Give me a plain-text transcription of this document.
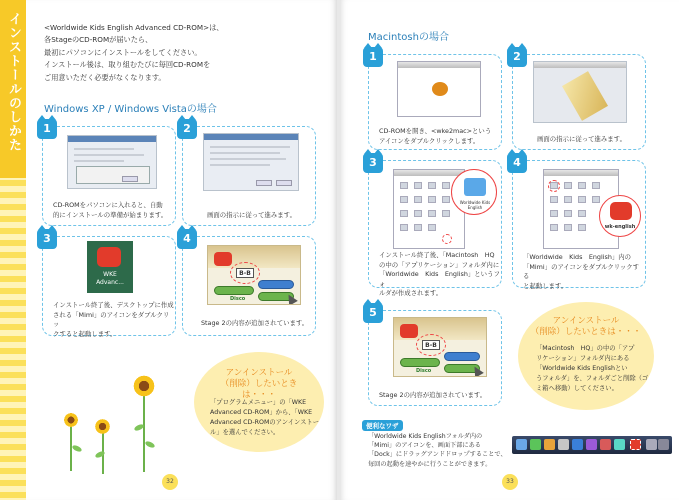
インストールのしかた	<Worldwide Kids English Advanced CD-ROM>は、
各StageのCD-ROMが届いたら、
最初にパソコンにインストールをしてください。
インストール後は、取り組むたびに毎回CD-ROMを
ご用意いただく必要がなくなります。
Windows XP / Windows Vistaの場合
1
CD-ROMをパソコンに入れると、自動
的にインストールの準備が始まります。
2
画面の指示に従って進みます。
3
WKE
Advanc...
インストール終了後、デスクトップに作成
される「Mimi」のアイコンをダブルクリッ
クすると起動します。
4
B-B
Disco
Stage 2の内容が追加されています。
アンインストール
（削除）したいときは・・・
「プログラムメニュー」の「WKE
Advanced CD-ROM」から、「WKE
Advanced CD-ROMのアンインストー
ル」を選んでください。
32
Macintoshの場合
1
CD-ROMを開き、<wke2mac>という
アイコンをダブルクリックします。
2
画面の指示に従って進みます。
3
Worldwide Kids English
インストール終了後、「Macintosh　HQ
の中の「アプリケーション」フォルダ内に
「Worldwide　Kids　English」というフォ
ルダが作成されます。
4
wk-english
「Worldwide　Kids　English」内の
「Mimi」のアイコンをダブルクリックする
と起動します。
5
B-B
Disco
Stage 2の内容が追加されています。
アンインストール
（削除）したいときは・・・
「Macintosh　HQ」の中の「アプ
リケーション」フォルダ内にある
「Worldwide Kids Englishとい
うフォルダ」を、フォルダごと削除（ゴ
ミ箱へ移動）してください。
便利なワザ
「Worldwide Kids Englishフォルダ内の
「Mimi」のアイコンを、画面下部にある
「Dock」にドラッグアンドドロップすることで、
毎回の起動を速やかに行うことができます。
33
